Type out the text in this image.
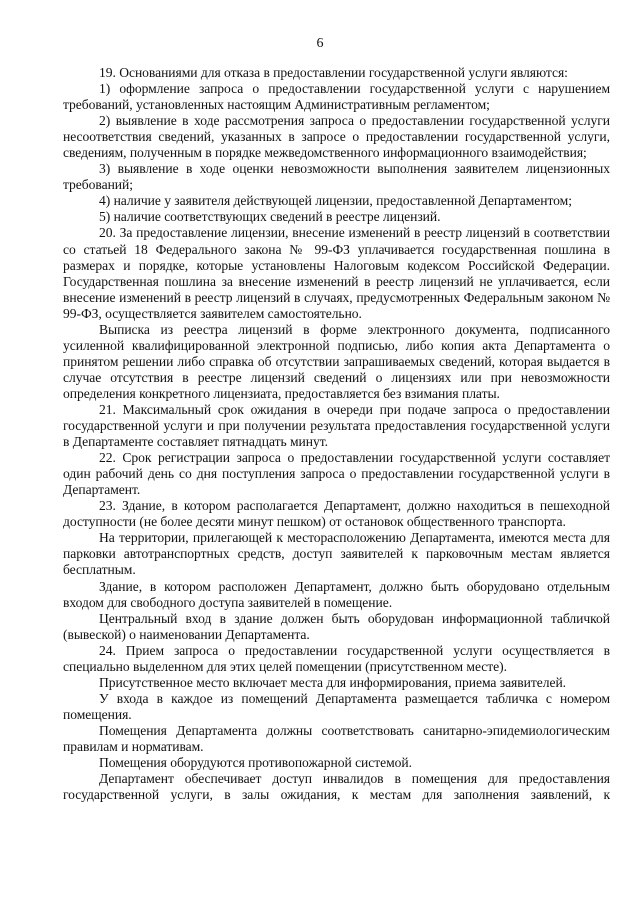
6

19. Основаниями для отказа в предоставлении государственной услуги являются:

1) оформление запроса о предоставлении государственной услуги с нарушением требований, установленных настоящим Административным регламентом;

2) выявление в ходе рассмотрения запроса о предоставлении государственной услуги несоответствия сведений, указанных в запросе о предоставлении государственной услуги, сведениям, полученным в порядке межведомственного информационного взаимодействия;

3) выявление в ходе оценки невозможности выполнения заявителем лицензионных требований;

4) наличие у заявителя действующей лицензии, предоставленной Департаментом;

5) наличие соответствующих сведений в реестре лицензий.

20. За предоставление лицензии, внесение изменений в реестр лицензий в соответствии со статьей 18 Федерального закона № 99-ФЗ уплачивается государственная пошлина в размерах и порядке, которые установлены Налоговым кодексом Российской Федерации. Государственная пошлина за внесение изменений в реестр лицензий не уплачивается, если внесение изменений в реестр лицензий в случаях, предусмотренных Федеральным законом № 99-ФЗ, осуществляется заявителем самостоятельно.

Выписка из реестра лицензий в форме электронного документа, подписанного усиленной квалифицированной электронной подписью, либо копия акта Департамента о принятом решении либо справка об отсутствии запрашиваемых сведений, которая выдается в случае отсутствия в реестре лицензий сведений о лицензиях или при невозможности определения конкретного лицензиата, предоставляется без взимания платы.

21. Максимальный срок ожидания в очереди при подаче запроса о предоставлении государственной услуги и при получении результата предоставления государственной услуги в Департаменте составляет пятнадцать минут.

22. Срок регистрации запроса о предоставлении государственной услуги составляет один рабочий день со дня поступления запроса о предоставлении государственной услуги в Департамент.

23. Здание, в котором располагается Департамент, должно находиться в пешеходной доступности (не более десяти минут пешком) от остановок общественного транспорта.

На территории, прилегающей к месторасположению Департамента, имеются места для парковки автотранспортных средств, доступ заявителей к парковочным местам является бесплатным.

Здание, в котором расположен Департамент, должно быть оборудовано отдельным входом для свободного доступа заявителей в помещение.

Центральный вход в здание должен быть оборудован информационной табличкой (вывеской) о наименовании Департамента.

24. Прием запроса о предоставлении государственной услуги осуществляется в специально выделенном для этих целей помещении (присутственном месте).

Присутственное место включает места для информирования, приема заявителей.

У входа в каждое из помещений Департамента размещается табличка с номером помещения.

Помещения Департамента должны соответствовать санитарно-эпидемиологическим правилам и нормативам.

Помещения оборудуются противопожарной системой.

Департамент обеспечивает доступ инвалидов в помещения для предоставления государственной услуги, в залы ожидания, к местам для заполнения заявлений, к
